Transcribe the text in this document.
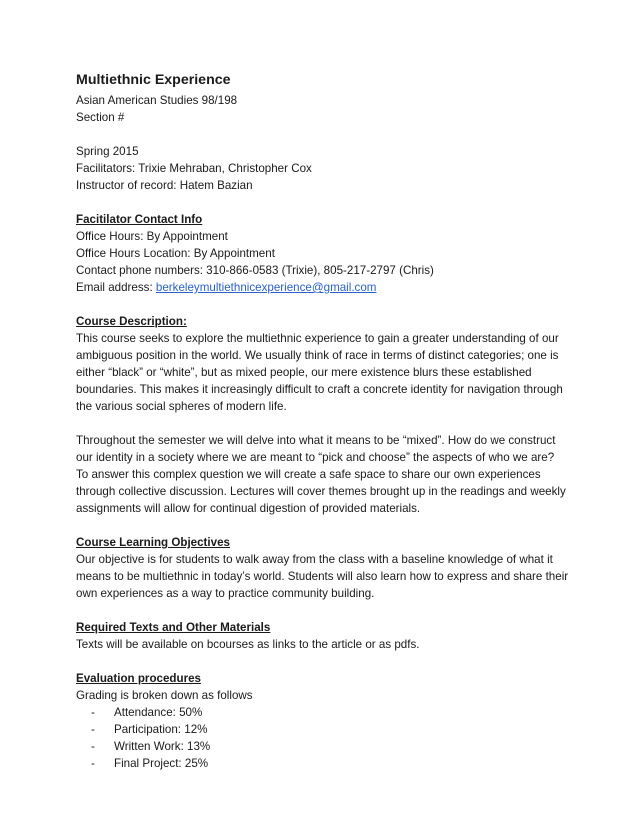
Multiethnic Experience
Asian American Studies 98/198
Section #
Spring 2015
Facilitators: Trixie Mehraban, Christopher Cox
Instructor of record: Hatem Bazian
Facitilator Contact Info
Office Hours: By Appointment
Office Hours Location: By Appointment
Contact phone numbers: 310-866-0583 (Trixie), 805-217-2797 (Chris)
Email address: berkeleymultiethnicexperience@gmail.com
Course Description:
This course seeks to explore the multiethnic experience to gain a greater understanding of our
ambiguous position in the world. We usually think of race in terms of distinct categories; one is
either “black” or “white”, but as mixed people, our mere existence blurs these established
boundaries. This makes it increasingly difficult to craft a concrete identity for navigation through
the various social spheres of modern life.
Throughout the semester we will delve into what it means to be “mixed”. How do we construct
our identity in a society where we are meant to “pick and choose” the aspects of who we are?
To answer this complex question we will create a safe space to share our own experiences
through collective discussion. Lectures will cover themes brought up in the readings and weekly
assignments will allow for continual digestion of provided materials.
Course Learning Objectives
Our objective is for students to walk away from the class with a baseline knowledge of what it
means to be multiethnic in today’s world. Students will also learn how to express and share their
own experiences as a way to practice community building.
Required Texts and Other Materials
Texts will be available on bcourses as links to the article or as pdfs.
Evaluation procedures
Grading is broken down as follows
- Attendance: 50%
- Participation: 12%
- Written Work: 13%
- Final Project: 25%
